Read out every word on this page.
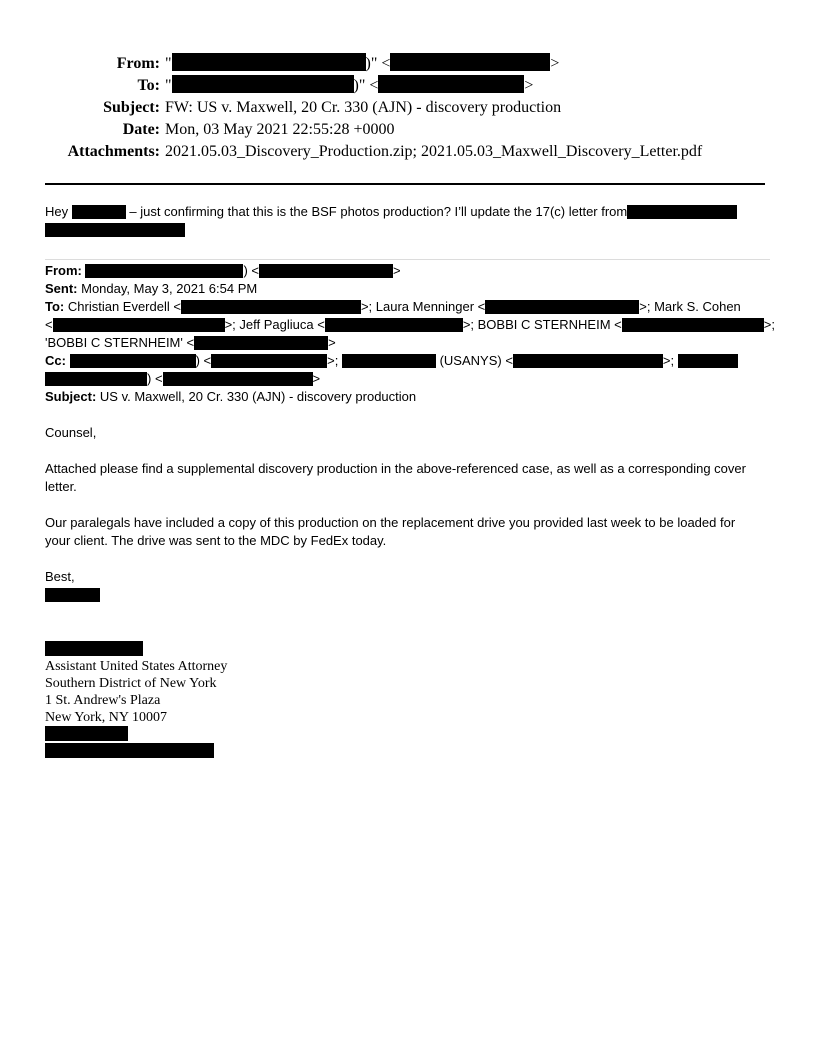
From: "	)" <	>
To: "	)" <	>
Subject: FW: US v. Maxwell, 20 Cr. 330 (AJN) - discovery production
Date: Mon, 03 May 2021 22:55:28 +0000
Attachments: 2021.05.03_Discovery_Production.zip; 2021.05.03_Maxwell_Discovery_Letter.pdf
Hey	– just confirming that this is the BSF photos production? I’ll update the 17(c) letter from
From:	) <	>
Sent: Monday, May 3, 2021 6:54 PM
To: Christian Everdell <	>; Laura Menninger <	>; Mark S. Cohen
<	>; Jeff Pagliuca <	>; BOBBI C STERNHEIM <	>;
'BOBBI C STERNHEIM' <	>
Cc:	) <	>;	(USANYS) <	>;
) <	>
Subject: US v. Maxwell, 20 Cr. 330 (AJN) - discovery production
Counsel,
Attached please find a supplemental discovery production in the above-referenced case, as well as a corresponding cover
letter.
Our paralegals have included a copy of this production on the replacement drive you provided last week to be loaded for
your client. The drive was sent to the MDC by FedEx today.
Best,
Assistant United States Attorney
Southern District of New York
1 St. Andrew's Plaza
New York, NY 10007
